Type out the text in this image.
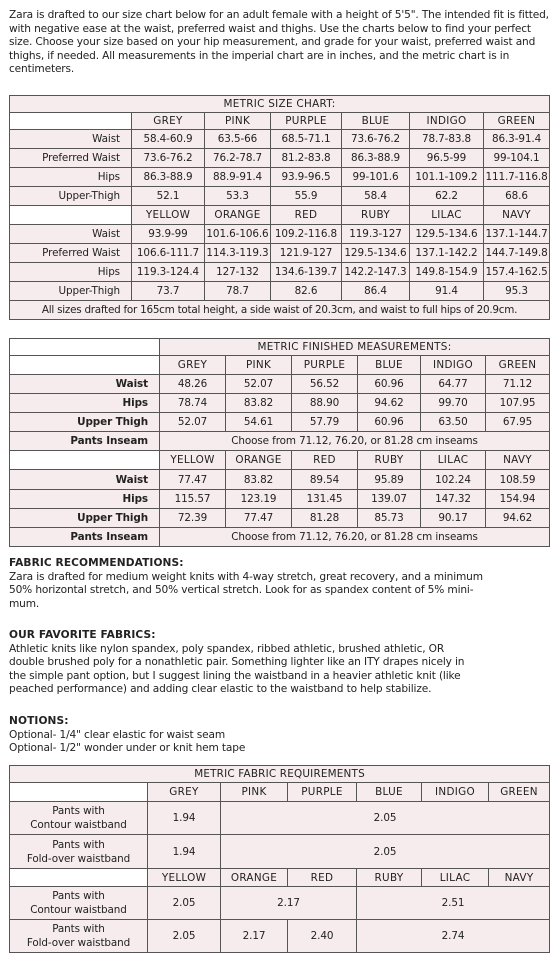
Zara is drafted to our size chart below for an adult female with a height of 5'5". The intended fit is fitted, with negative ease at the waist, preferred waist and thighs. Use the charts below to find your perfect size. Choose your size based on your hip measurement, and grade for your waist, preferred waist and thighs, if needed. All measurements in the imperial chart are in inches, and the metric chart is in centimeters.
METRIC SIZE CHART:						
	GREY	PINK	PURPLE	BLUE	INDIGO	GREEN
Waist	58.4-60.9	63.5-66	68.5-71.1	73.6-76.2	78.7-83.8	86.3-91.4
Preferred Waist	73.6-76.2	76.2-78.7	81.2-83.8	86.3-88.9	96.5-99	99-104.1
Hips	86.3-88.9	88.9-91.4	93.9-96.5	99-101.6	101.1-109.2	111.7-116.8
Upper-Thigh	52.1	53.3	55.9	58.4	62.2	68.6
	YELLOW	ORANGE	RED	RUBY	LILAC	NAVY
Waist	93.9-99	101.6-106.6	109.2-116.8	119.3-127	129.5-134.6	137.1-144.7
Preferred Waist	106.6-111.7	114.3-119.3	121.9-127	129.5-134.6	137.1-142.2	144.7-149.8
Hips	119.3-124.4	127-132	134.6-139.7	142.2-147.3	149.8-154.9	157.4-162.5
Upper-Thigh	73.7	78.7	82.6	86.4	91.4	95.3
All sizes drafted for 165cm total height, a side waist of 20.3cm, and waist to full hips of 20.9cm.						
	METRIC FINISHED MEASUREMENTS:					
	GREY	PINK	PURPLE	BLUE	INDIGO	GREEN
Waist	48.26	52.07	56.52	60.96	64.77	71.12
Hips	78.74	83.82	88.90	94.62	99.70	107.95
Upper Thigh	52.07	54.61	57.79	60.96	63.50	67.95
Pants Inseam	Choose from 71.12, 76.20, or 81.28 cm inseams					
	YELLOW	ORANGE	RED	RUBY	LILAC	NAVY
Waist	77.47	83.82	89.54	95.89	102.24	108.59
Hips	115.57	123.19	131.45	139.07	147.32	154.94
Upper Thigh	72.39	77.47	81.28	85.73	90.17	94.62
Pants Inseam	Choose from 71.12, 76.20, or 81.28 cm inseams					
FABRIC RECOMMENDATIONS:
Zara is drafted for medium weight knits with 4-way stretch, great recovery, and a minimum
50% horizontal stretch, and 50% vertical stretch. Look for as spandex content of 5% mini-
mum.
OUR FAVORITE FABRICS:
Athletic knits like nylon spandex, poly spandex, ribbed athletic, brushed athletic, OR
double brushed poly for a nonathletic pair. Something lighter like an ITY drapes nicely in
the simple pant option, but I suggest lining the waistband in a heavier athletic knit (like
peached performance) and adding clear elastic to the waistband to help stabilize.
NOTIONS:
Optional- 1/4" clear elastic for waist seam
Optional- 1/2" wonder under or knit hem tape
METRIC FABRIC REQUIREMENTS						
	GREY	PINK	PURPLE	BLUE	INDIGO	GREEN

Pants with
Contour waistband	1.94	2.05				

Pants with
Fold-over waistband	1.94	2.05				
	YELLOW	ORANGE	RED	RUBY	LILAC	NAVY

Pants with
Contour waistband	2.05	2.17		2.51		

Pants with
Fold-over waistband	2.05	2.17	2.40	2.74		
